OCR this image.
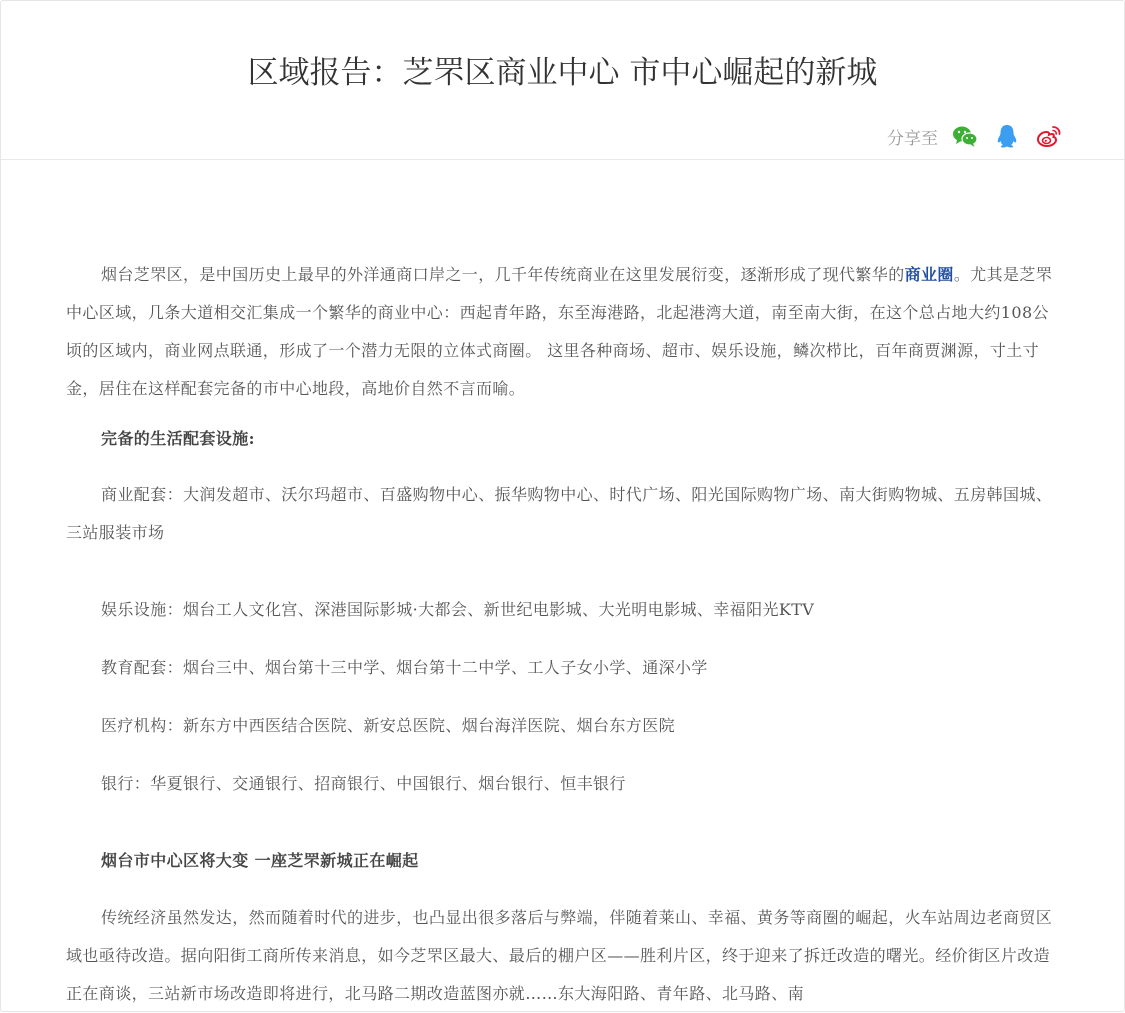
区域报告：芝罘区商业中心 市中心崛起的新城
分享至

烟台芝罘区，是中国历史上最早的外洋通商口岸之一，几千年传统商业在这里发展衍变，逐渐形成了现代繁华的商业圈。尤其是芝罘中心区域，几条大道相交汇集成一个繁华的商业中心：西起青年路，东至海港路，北起港湾大道，南至南大街，在这个总占地大约108公顷的区域内，商业网点联通，形成了一个潜力无限的立体式商圈。 这里各种商场、超市、娱乐设施，鳞次栉比，百年商贾渊源，寸土寸金，居住在这样配套完备的市中心地段，高地价自然不言而喻。

完备的生活配套设施:

商业配套：大润发超市、沃尔玛超市、百盛购物中心、振华购物中心、时代广场、阳光国际购物广场、南大街购物城、五房韩国城、三站服装市场

娱乐设施：烟台工人文化宫、深港国际影城·大都会、新世纪电影城、大光明电影城、幸福阳光KTV

教育配套：烟台三中、烟台第十三中学、烟台第十二中学、工人子女小学、通深小学

医疗机构：新东方中西医结合医院、新安总医院、烟台海洋医院、烟台东方医院

银行：华夏银行、交通银行、招商银行、中国银行、烟台银行、恒丰银行

烟台市中心区将大变 一座芝罘新城正在崛起

传统经济虽然发达，然而随着时代的进步，也凸显出很多落后与弊端，伴随着莱山、幸福、黄务等商圈的崛起，火车站周边老商贸区域也亟待改造。据向阳街工商所传来消息，如今芝罘区最大、最后的棚户区——胜利片区，终于迎来了拆迁改造的曙光。经价街区片改造正在商谈，三站新市场改造即将进行，北马路二期改造蓝图亦就……东大海阳路、青年路、北马路、南
